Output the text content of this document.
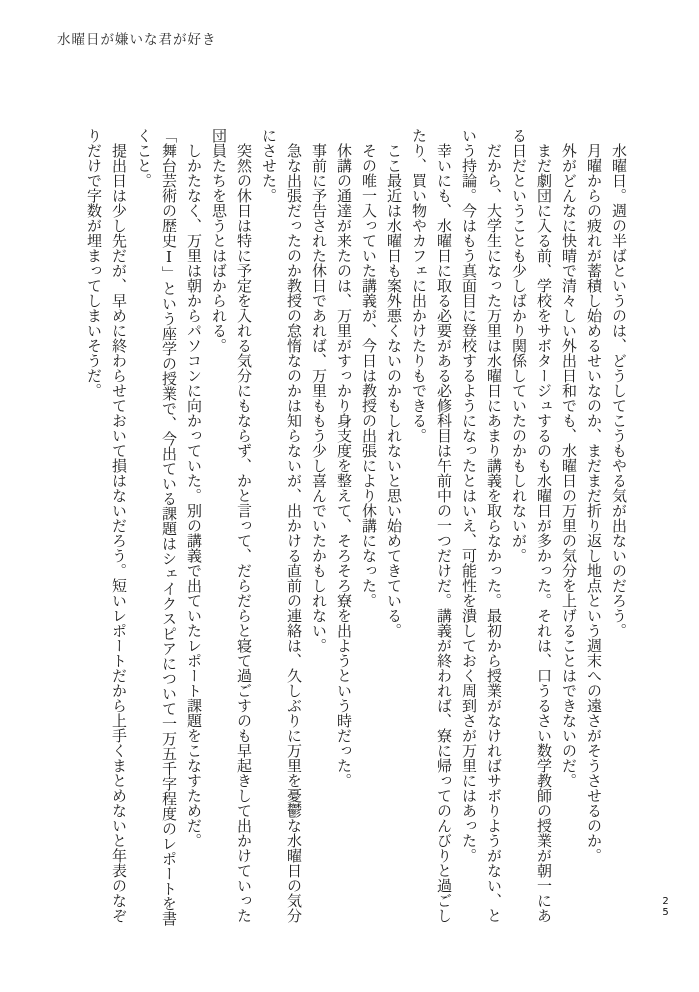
水曜日が嫌いな君が好き

水曜日。週の半ばというのは、どうしてこうもやる気が出ないのだろう。

月曜からの疲れが蓄積し始めるせいなのか、まだまだ折り返し地点という週末への遠さがそうさせるのか。

外がどんなに快晴で清々しい外出日和でも、水曜日の万里の気分を上げることはできないのだ。

まだ劇団に入る前、学校をサボタージュするのも水曜日が多かった。それは、口うるさい数学教師の授業が朝一にある日だということも少しばかり関係していたのかもしれないが。

だから、大学生になった万里は水曜日にあまり講義を取らなかった。最初から授業がなければサボりようがない、という持論。今はもう真面目に登校するようになったとはいえ、可能性を潰しておく周到さが万里にはあった。

幸いにも、水曜日に取る必要がある必修科目は午前中の一つだけだ。講義が終われば、寮に帰ってのんびりと過ごしたり、買い物やカフェに出かけたりもできる。

ここ最近は水曜日も案外悪くないのかもしれないと思い始めてきている。

その唯一入っていた講義が、今日は教授の出張により休講になった。

休講の通達が来たのは、万里がすっかり身支度を整えて、そろそろ寮を出ようという時だった。

事前に予告された休日であれば、万里ももう少し喜んでいたかもしれない。

急な出張だったのか教授の怠惰なのかは知らないが、出かける直前の連絡は、久しぶりに万里を憂鬱な水曜日の気分にさせた。

突然の休日は特に予定を入れる気分にもならず、かと言って、だらだらと寝て過ごすのも早起きして出かけていった団員たちを思うとはばかられる。

しかたなく、万里は朝からパソコンに向かっていた。別の講義で出ていたレポート課題をこなすためだ。

「舞台芸術の歴史Ⅰ」という座学の授業で、今出ている課題はシェイクスピアについて一万五千字程度のレポートを書くこと。

提出日は少し先だが、早めに終わらせておいて損はないだろう。短いレポートだから上手くまとめないと年表のなぞりだけで字数が埋まってしまいそうだ。

25
